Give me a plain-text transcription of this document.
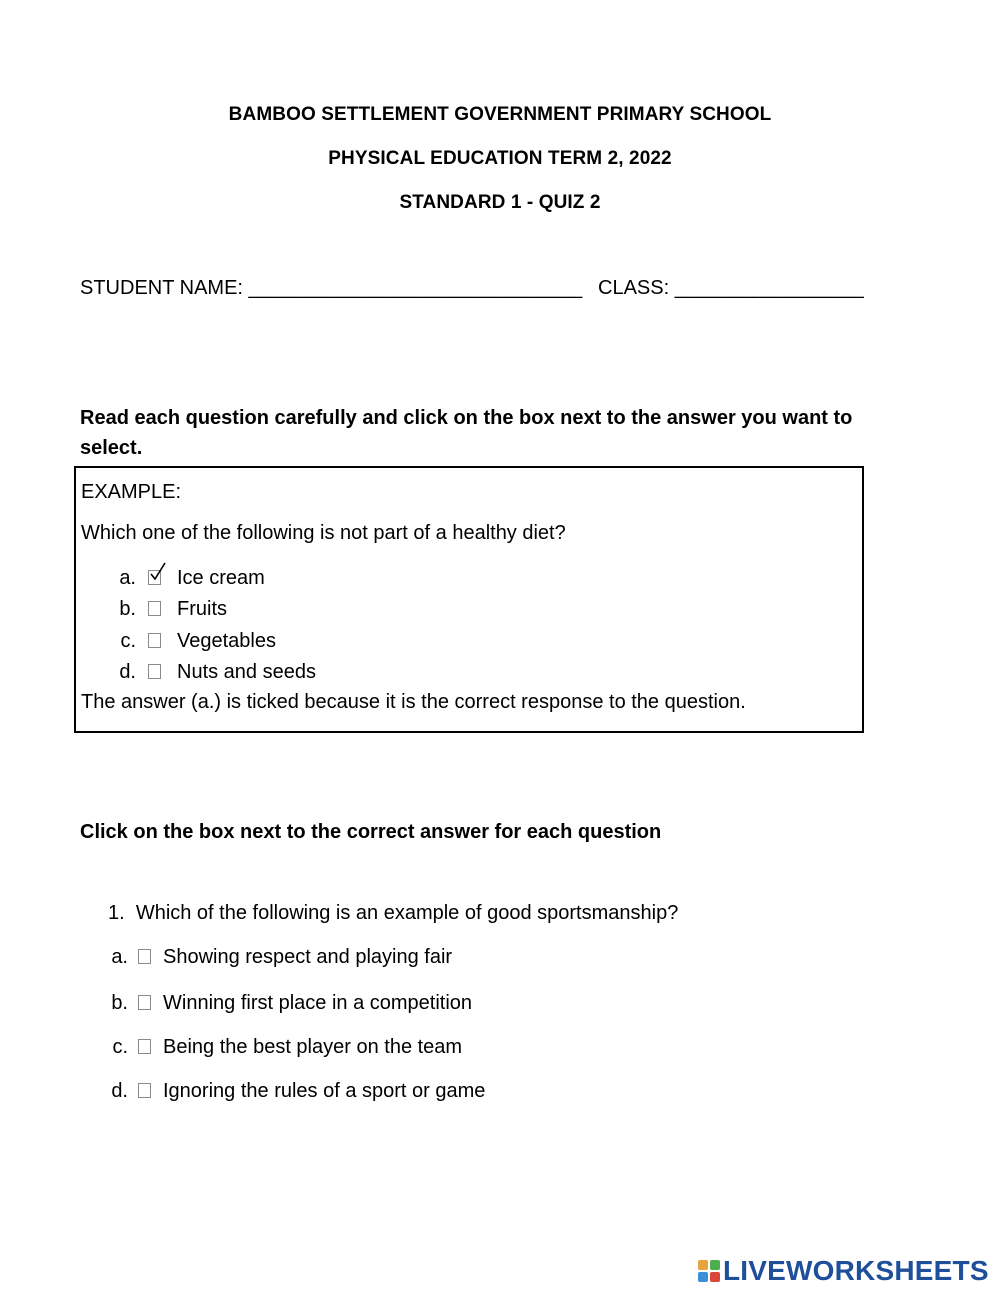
BAMBOO SETTLEMENT GOVERNMENT PRIMARY SCHOOL
PHYSICAL EDUCATION TERM 2, 2022
STANDARD 1 - QUIZ 2
STUDENT NAME: ______________________________ CLASS: _________________
Read each question carefully and click on the box next to the answer you want to
select.
EXAMPLE:
Which one of the following is not part of a healthy diet?
a. Ice cream
b. Fruits
c. Vegetables
d. Nuts and seeds
The answer (a.) is ticked because it is the correct response to the question.
Click on the box next to the correct answer for each question
1. Which of the following is an example of good sportsmanship?
a. Showing respect and playing fair
b. Winning first place in a competition
c. Being the best player on the team
d. Ignoring the rules of a sport or game
LIVEWORKSHEETS
